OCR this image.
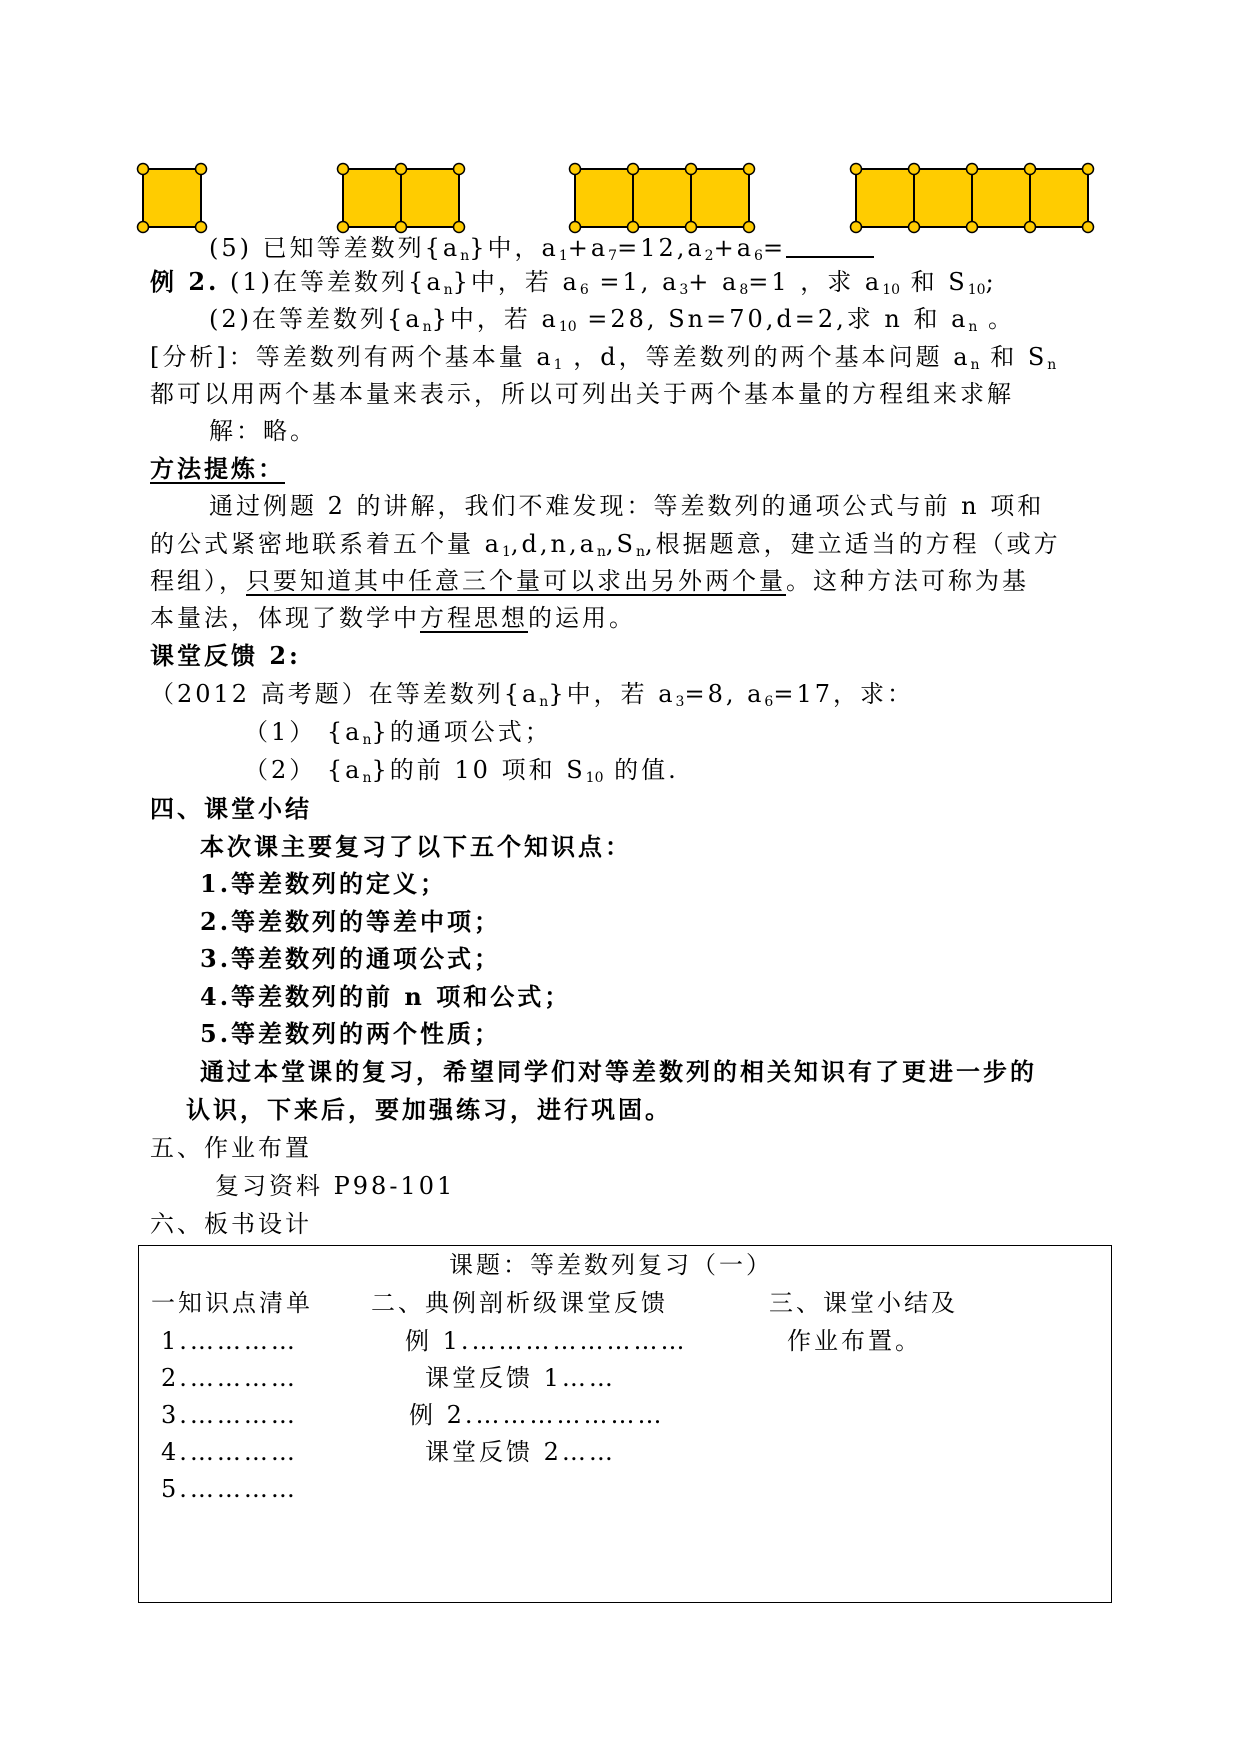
(5) 已知等差数列$\{a_n\}$中，$a_1+a_7=12,a_2+a_6=$
例 2. (1)在等差数列$\{a_n\}$中，若 $a_6 =1$, $a_3+ a_8=1$ ，求 $a_{10}$ 和 $S_{10}$;
(2)在等差数列$\{a_n\}$中，若 $a_{10} =28$, Sn=70,d=2,求 n 和 $a_n$ 。
[分析]：等差数列有两个基本量 $a_1$ ，d，等差数列的两个基本问题 $a_n$ 和 $S_n$
都可以用两个基本量来表示，所以可列出关于两个基本量的方程组来求解
解：略。
方法提炼：
通过例题 2 的讲解，我们不难发现：等差数列的通项公式与前 n 项和
的公式紧密地联系着五个量 $a_1,d,n,a_n,S_n$,根据题意，建立适当的方程（或方
程组），只要知道其中任意三个量可以求出另外两个量。这种方法可称为基
本量法，体现了数学中方程思想的运用。
课堂反馈 2:
（2012 高考题）在等差数列$\{a_n\}$中，若 $a_3=8$, $a_6=17$，求：
（1） $\{a_n\}$的通项公式；
（2） $\{a_n\}$的前 10 项和 $S_{10}$ 的值.
四、课堂小结
本次课主要复习了以下五个知识点：
1.等差数列的定义；
2.等差数列的等差中项；
3.等差数列的通项公式；
4.等差数列的前 n 项和公式；
5.等差数列的两个性质；
通过本堂课的复习，希望同学们对等差数列的相关知识有了更进一步的
认识，下来后，要加强练习，进行巩固。
五、作业布置
复习资料 P98-101
六、板书设计
课题：等差数列复习（一）
一知识点清单
1.…………
2.…………
3.…………
4.…………
5.…………
二、典例剖析级课堂反馈
例 1.……………………
课堂反馈 1……
例 2.…………………
课堂反馈 2……
三、课堂小结及
作业布置。
